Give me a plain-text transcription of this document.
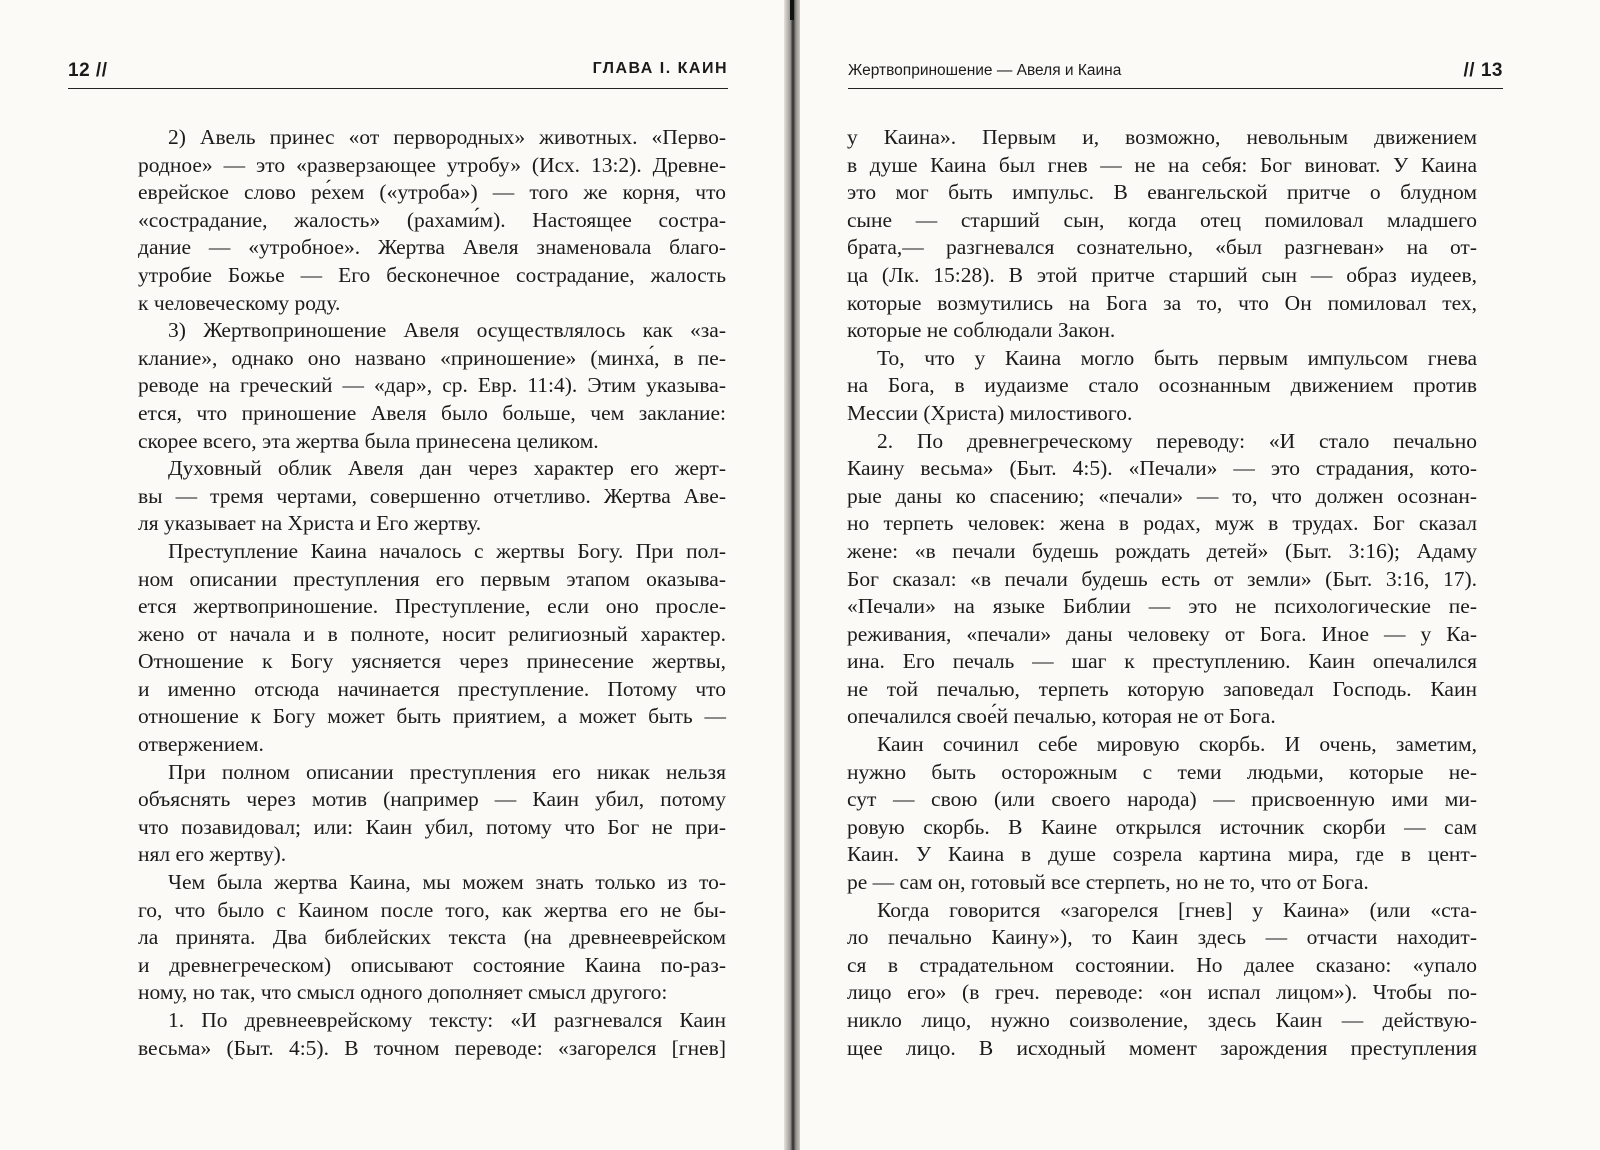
12 //	ГЛАВА I. КАИН

2) Авель принес «от первородных» животных. «Перво-
родное» — это «разверзающее утробу» (Исх. 13:2). Древне-
еврейское слово ре́хем («утроба») — того же корня, что
«сострадание, жалость» (рахами́м). Настоящее состра-
дание — «утробное». Жертва Авеля знаменовала благо-
утробие Божье — Его бесконечное сострадание, жалость
к человеческому роду.

3) Жертвоприношение Авеля осуществлялось как «за-
клание», однако оно названо «приношение» (минха́, в пе-
реводе на греческий — «дар», ср. Евр. 11:4). Этим указыва-
ется, что приношение Авеля было больше, чем заклание:
скорее всего, эта жертва была принесена целиком.

Духовный облик Авеля дан через характер его жерт-
вы — тремя чертами, совершенно отчетливо. Жертва Аве-
ля указывает на Христа и Его жертву.

Преступление Каина началось с жертвы Богу. При пол-
ном описании преступления его первым этапом оказыва-
ется жертвоприношение. Преступление, если оно просле-
жено от начала и в полноте, носит религиозный характер.
Отношение к Богу уясняется через принесение жертвы,
и именно отсюда начинается преступление. Потому что
отношение к Богу может быть приятием, а может быть —
отвержением.

При полном описании преступления его никак нельзя
объяснять через мотив (например — Каин убил, потому
что позавидовал; или: Каин убил, потому что Бог не при-
нял его жертву).

Чем была жертва Каина, мы можем знать только из то-
го, что было с Каином после того, как жертва его не бы-
ла принята. Два библейских текста (на древнееврейском
и древнегреческом) описывают состояние Каина по-раз-
ному, но так, что смысл одного дополняет смысл другого:

1. По древнееврейскому тексту: «И разгневался Каин
весьма» (Быт. 4:5). В точном переводе: «загорелся [гнев]

Жертвоприношение — Авеля и Каина	// 13

у Каина». Первым и, возможно, невольным движением
в душе Каина был гнев — не на себя: Бог виноват. У Каина
это мог быть импульс. В евангельской притче о блудном
сыне — старший сын, когда отец помиловал младшего
брата,— разгневался сознательно, «был разгневан» на от-
ца (Лк. 15:28). В этой притче старший сын — образ иудеев,
которые возмутились на Бога за то, что Он помиловал тех,
которые не соблюдали Закон.

То, что у Каина могло быть первым импульсом гнева
на Бога, в иудаизме стало осознанным движением против
Мессии (Христа) милостивого.

2. По древнегреческому переводу: «И стало печально
Каину весьма» (Быт. 4:5). «Печали» — это страдания, кото-
рые даны ко спасению; «печали» — то, что должен осознан-
но терпеть человек: жена в родах, муж в трудах. Бог сказал
жене: «в печали будешь рождать детей» (Быт. 3:16); Адаму
Бог сказал: «в печали будешь есть от земли» (Быт. 3:16, 17).
«Печали» на языке Библии — это не психологические пе-
реживания, «печали» даны человеку от Бога. Иное — у Ка-
ина. Его печаль — шаг к преступлению. Каин опечалился
не той печалью, терпеть которую заповедал Господь. Каин
опечалился свое́й печалью, которая не от Бога.

Каин сочинил себе мировую скорбь. И очень, заметим,
нужно быть осторожным с теми людьми, которые не-
сут — свою (или своего народа) — присвоенную ими ми-
ровую скорбь. В Каине открылся источник скорби — сам
Каин. У Каина в душе созрела картина мира, где в цент-
ре — сам он, готовый все стерпеть, но не то, что от Бога.

Когда говорится «загорелся [гнев] у Каина» (или «ста-
ло печально Каину»), то Каин здесь — отчасти находит-
ся в страдательном состоянии. Но далее сказано: «упало
лицо его» (в греч. переводе: «он испал лицом»). Чтобы по-
никло лицо, нужно соизволение, здесь Каин — действую-
щее лицо. В исходный момент зарождения преступления
